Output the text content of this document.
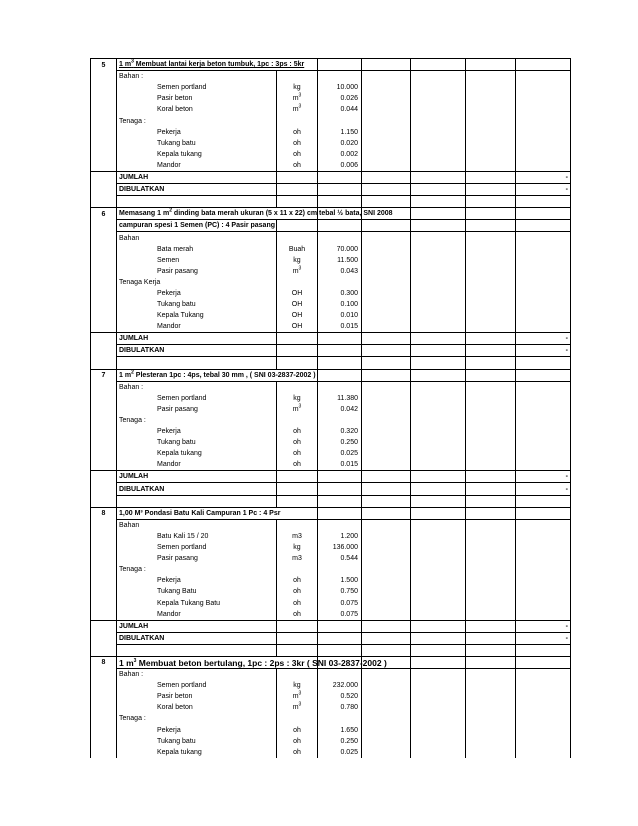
5	1 $m^3$ Membuat lantai kerja beton tumbuk, 1pc : 3ps : 5kr							

	Bahan :							
	Semen portland		kg	10.000				
	Pasir beton		$m^3$	0.026				
	Koral beton		$m^3$	0.044				
	Tenaga :							
	Pekerja		oh	1.150				
	Tukang batu		oh	0.020				
	Kepala tukang		oh	0.002				
	Mandor		oh	0.006				
	JUMLAH							-
	DIBULATKAN							-

6	Memasang 1 $m^2$ dinding bata merah ukuran (5 x 11 x 22) cm tebal ½ bata, SNI 2008							

	campuran spesi 1 Semen (PC) : 4 Pasir pasang							

	Bahan							
	Bata merah		Buah	70.000				
	Semen		kg	11.500				
	Pasir pasang		$m^3$	0.043				
	Tenaga Kerja							
	Pekerja		OH	0.300				
	Tukang batu		OH	0.100				
	Kepala Tukang		OH	0.010				
	Mandor		OH	0.015				
	JUMLAH							-
	DIBULATKAN							-

7	1 $m^2$ Plesteran 1pc : 4ps, tebal 30 mm , ( SNI 03-2837-2002 )							

	Bahan :							
	Semen portland		kg	11.380				
	Pasir pasang		$m^3$	0.042				
	Tenaga :							
	Pekerja		oh	0.320				
	Tukang batu		oh	0.250				
	Kepala tukang		oh	0.025				
	Mandor		oh	0.015				
	JUMLAH							-
	DIBULATKAN							-

8	1,00 M³ Pondasi Batu Kali Campuran 1 Pc : 4 Psr							

	Bahan							
	Batu Kali 15 / 20		m3	1.200				
	Semen portland		kg	136.000				
	Pasir pasang		m3	0.544				
	Tenaga :							
	Pekerja		oh	1.500				
	Tukang Batu		oh	0.750				
	Kepala Tukang Batu		oh	0.075				
	Mandor		oh	0.075				
	JUMLAH							-
	DIBULATKAN							-

8	1 $m^3$ Membuat beton bertulang, 1pc : 2ps : 3kr ( SNI 03-2837-2002 )							

	Bahan :							
	Semen portland		kg	232.000				
	Pasir beton		$m^3$	0.520				
	Koral beton		$m^3$	0.780				
	Tenaga :							
	Pekerja		oh	1.650				
	Tukang batu		oh	0.250				
	Kepala tukang		oh	0.025				
